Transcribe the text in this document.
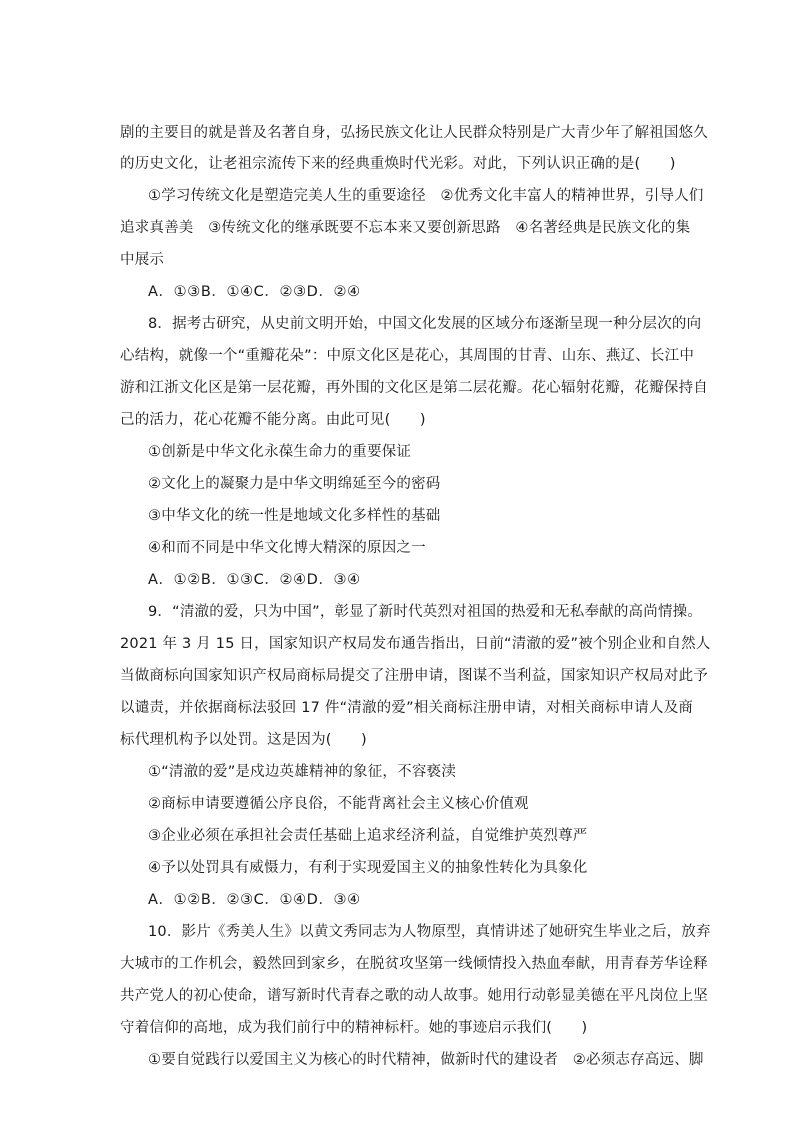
剧的主要目的就是普及名著自身，弘扬民族文化让人民群众特别是广大青少年了解祖国悠久
的历史文化，让老祖宗流传下来的经典重焕时代光彩。对此，下列认识正确的是(　　)
①学习传统文化是塑造完美人生的重要途径　②优秀文化丰富人的精神世界，引导人们
追求真善美　③传统文化的继承既要不忘本来又要创新思路　④名著经典是民族文化的集
中展示
A．①③B．①④C．②③D．②④
8．据考古研究，从史前文明开始，中国文化发展的区域分布逐渐呈现一种分层次的向
心结构，就像一个“重瓣花朵”：中原文化区是花心，其周围的甘青、山东、燕辽、长江中
游和江浙文化区是第一层花瓣，再外围的文化区是第二层花瓣。花心辐射花瓣，花瓣保持自
己的活力，花心花瓣不能分离。由此可见(　　)
①创新是中华文化永葆生命力的重要保证
②文化上的凝聚力是中华文明绵延至今的密码
③中华文化的统一性是地域文化多样性的基础
④和而不同是中华文化博大精深的原因之一
A．①②B．①③C．②④D．③④
9．“清澈的爱，只为中国”，彰显了新时代英烈对祖国的热爱和无私奉献的高尚情操。
2021 年 3 月 15 日，国家知识产权局发布通告指出，日前“清澈的爱”被个别企业和自然人
当做商标向国家知识产权局商标局提交了注册申请，图谋不当利益，国家知识产权局对此予
以谴责，并依据商标法驳回 17 件“清澈的爱”相关商标注册申请，对相关商标申请人及商
标代理机构予以处罚。这是因为(　　)
①“清澈的爱”是戍边英雄精神的象征，不容亵渎
②商标申请要遵循公序良俗，不能背离社会主义核心价值观
③企业必须在承担社会责任基础上追求经济利益，自觉维护英烈尊严
④予以处罚具有威慑力，有利于实现爱国主义的抽象性转化为具象化
A．①②B．②③C．①④D．③④
10．影片《秀美人生》以黄文秀同志为人物原型，真情讲述了她研究生毕业之后，放弃
大城市的工作机会，毅然回到家乡，在脱贫攻坚第一线倾情投入热血奉献，用青春芳华诠释
共产党人的初心使命，谱写新时代青春之歌的动人故事。她用行动彰显美德在平凡岗位上坚
守着信仰的高地，成为我们前行中的精神标杆。她的事迹启示我们(　　)
①要自觉践行以爱国主义为核心的时代精神，做新时代的建设者　②必须志存高远、脚
